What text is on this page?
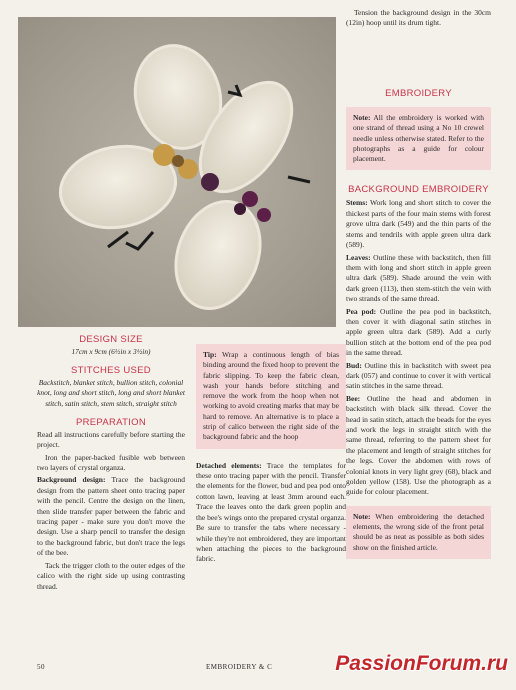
DESIGN SIZE
17cm x 9cm (6½in x 3½in)
STITCHES USED
Backstitch, blanket stitch, bullion stitch, colonial knot, long and short stitch, long and short blanket stitch, satin stitch, stem stitch, straight stitch
PREPARATION

Read all instructions carefully before starting the project.

Iron the paper-backed fusible web between two layers of crystal organza.

Background design: Trace the background design from the pattern sheet onto tracing paper with the pencil. Centre the design on the linen, then slide transfer paper between the fabric and tracing paper - make sure you don't move the design. Use a sharp pencil to transfer the design to the background fabric, but don't trace the legs of the bee.

Tack the trigger cloth to the outer edges of the calico with the right side up using contrasting thread.

Tip: Wrap a continuous length of bias binding around the fixed hoop to prevent the fabric slipping. To keep the fabric clean, wash your hands before stitching and remove the work from the hoop when not working to avoid creating marks that may be hard to remove. An alternative is to place a strip of calico between the right side of the background fabric and the hoop

Detached elements: Trace the templates for these onto tracing paper with the pencil. Transfer the elements for the flower, bud and pea pod onto cotton lawn, leaving at least 3mm around each. Trace the leaves onto the dark green poplin and the bee's wings onto the prepared crystal organza. Be sure to transfer the tabs where necessary - while they're not embroidered, they are important when attaching the pieces to the background fabric.

Tension the background design in the 30cm (12in) hoop until its drum tight.

EMBROIDERY
Note: All the embroidery is worked with one strand of thread using a No 10 crewel needle unless otherwise stated. Refer to the photographs as a guide for colour placement.
BACKGROUND EMBROIDERY

Stems: Work long and short stitch to cover the thickest parts of the four main stems with forest grove ultra dark (549) and the thin parts of the stems and tendrils with apple green ultra dark (589).

Leaves: Outline these with backstitch, then fill them with long and short stitch in apple green ultra dark (589). Shade around the vein with dark green (113), then stem-stitch the vein with two strands of the same thread.

Pea pod: Outline the pea pod in backstitch, then cover it with diagonal satin stitches in apple green ultra dark (589). Add a curly bullion stitch at the bottom end of the pea pod in the same thread.

Bud: Outline this in backstitch with sweet pea dark (057) and continue to cover it with vertical satin stitches in the same thread.

Bee: Outline the head and abdomen in backstitch with black silk thread. Cover the head in satin stitch, attach the beads for the eyes and work the legs in straight stitch with the same thread, referring to the pattern sheet for the placement and length of straight stitches for the legs. Cover the abdomen with rows of colonial knots in very light grey (68), black and golden yellow (158). Use the photograph as a guide for colour placement.

Note: When embroidering the detached elements, the wrong side of the front petal should be as neat as possible as both sides show on the finished article.
50	EMBROIDERY & C	PassionForum.ru
